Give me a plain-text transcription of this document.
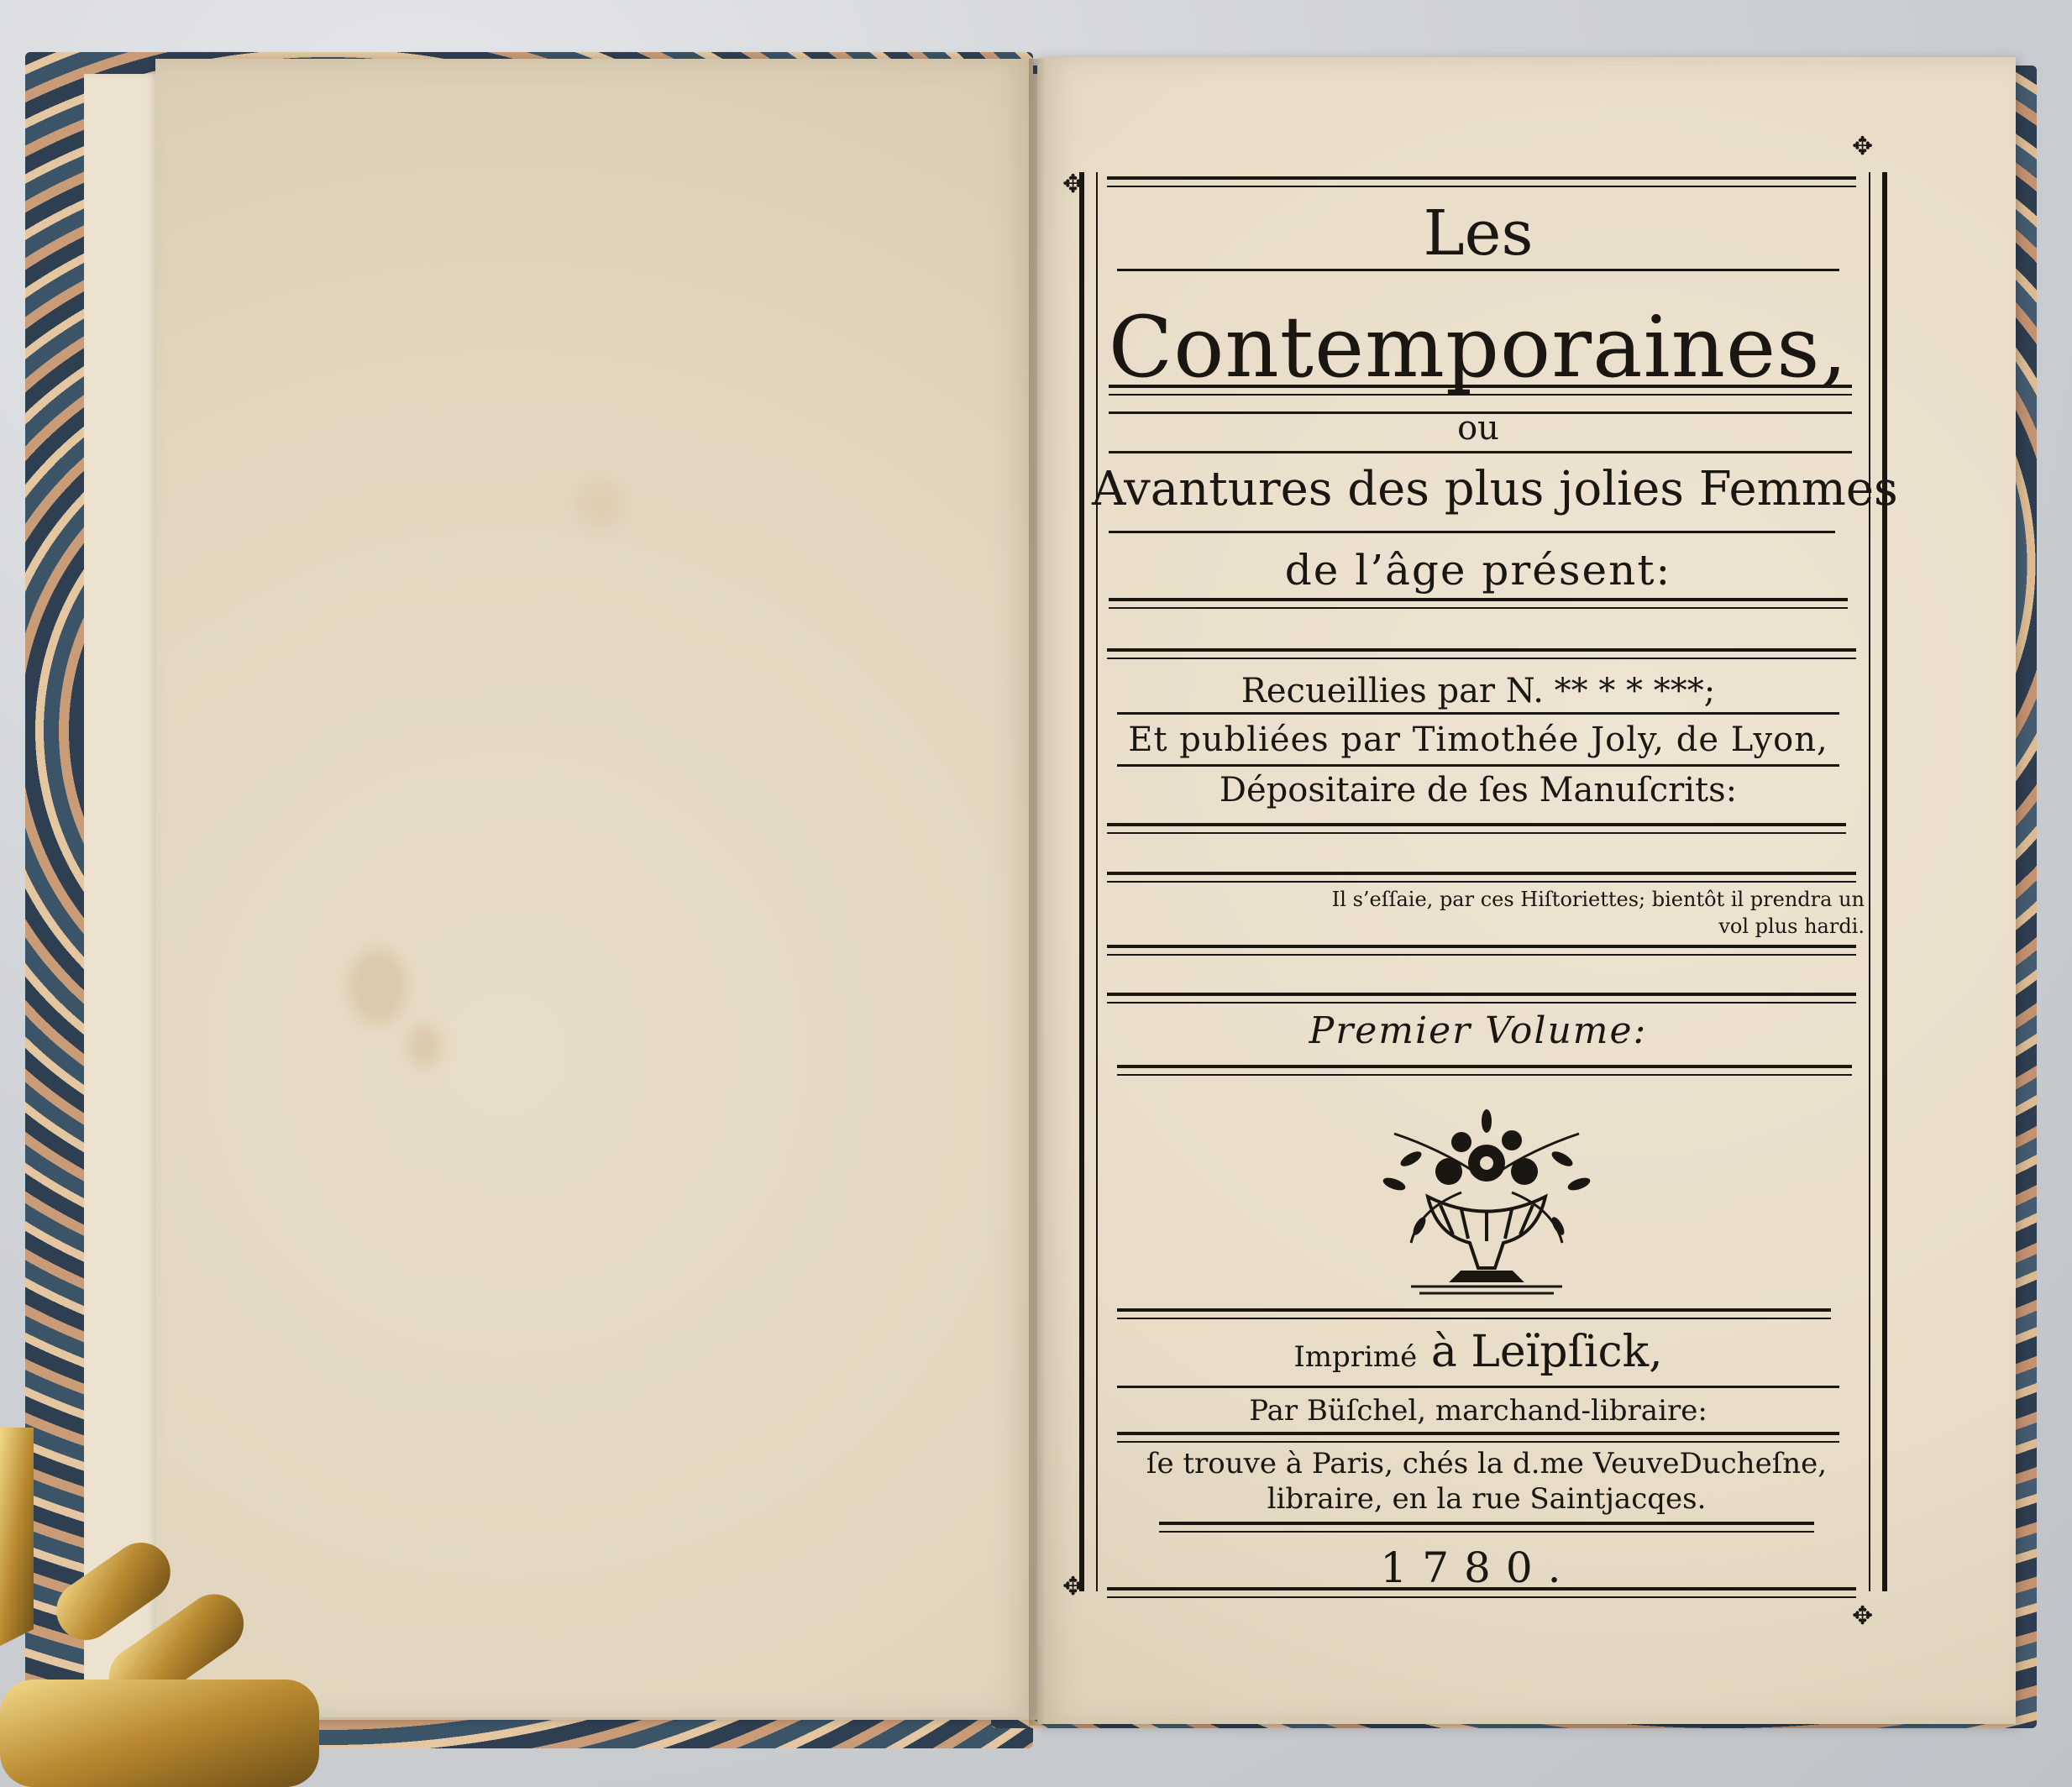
✥
✥
✥
✥
Les
Contemporaines,
ou
Avantures des plus jolies Femmes
de l’âge présent:
Recueillies par N. ** * * ***;
Et publiées par Timothée Joly, de Lyon,
Dépositaire de ſes Manuſcrits:
Il s’eſſaie, par ces Hiſtoriettes; bientôt il prendra un vol plus hardi.
Premier Volume:
Imprimé à Leïpſick,
Par Büſchel, marchand-libraire:
ſe trouve à Paris, chés la d.me VeuveDucheſne, libraire, en la rue Saintjacqes.
1780.
